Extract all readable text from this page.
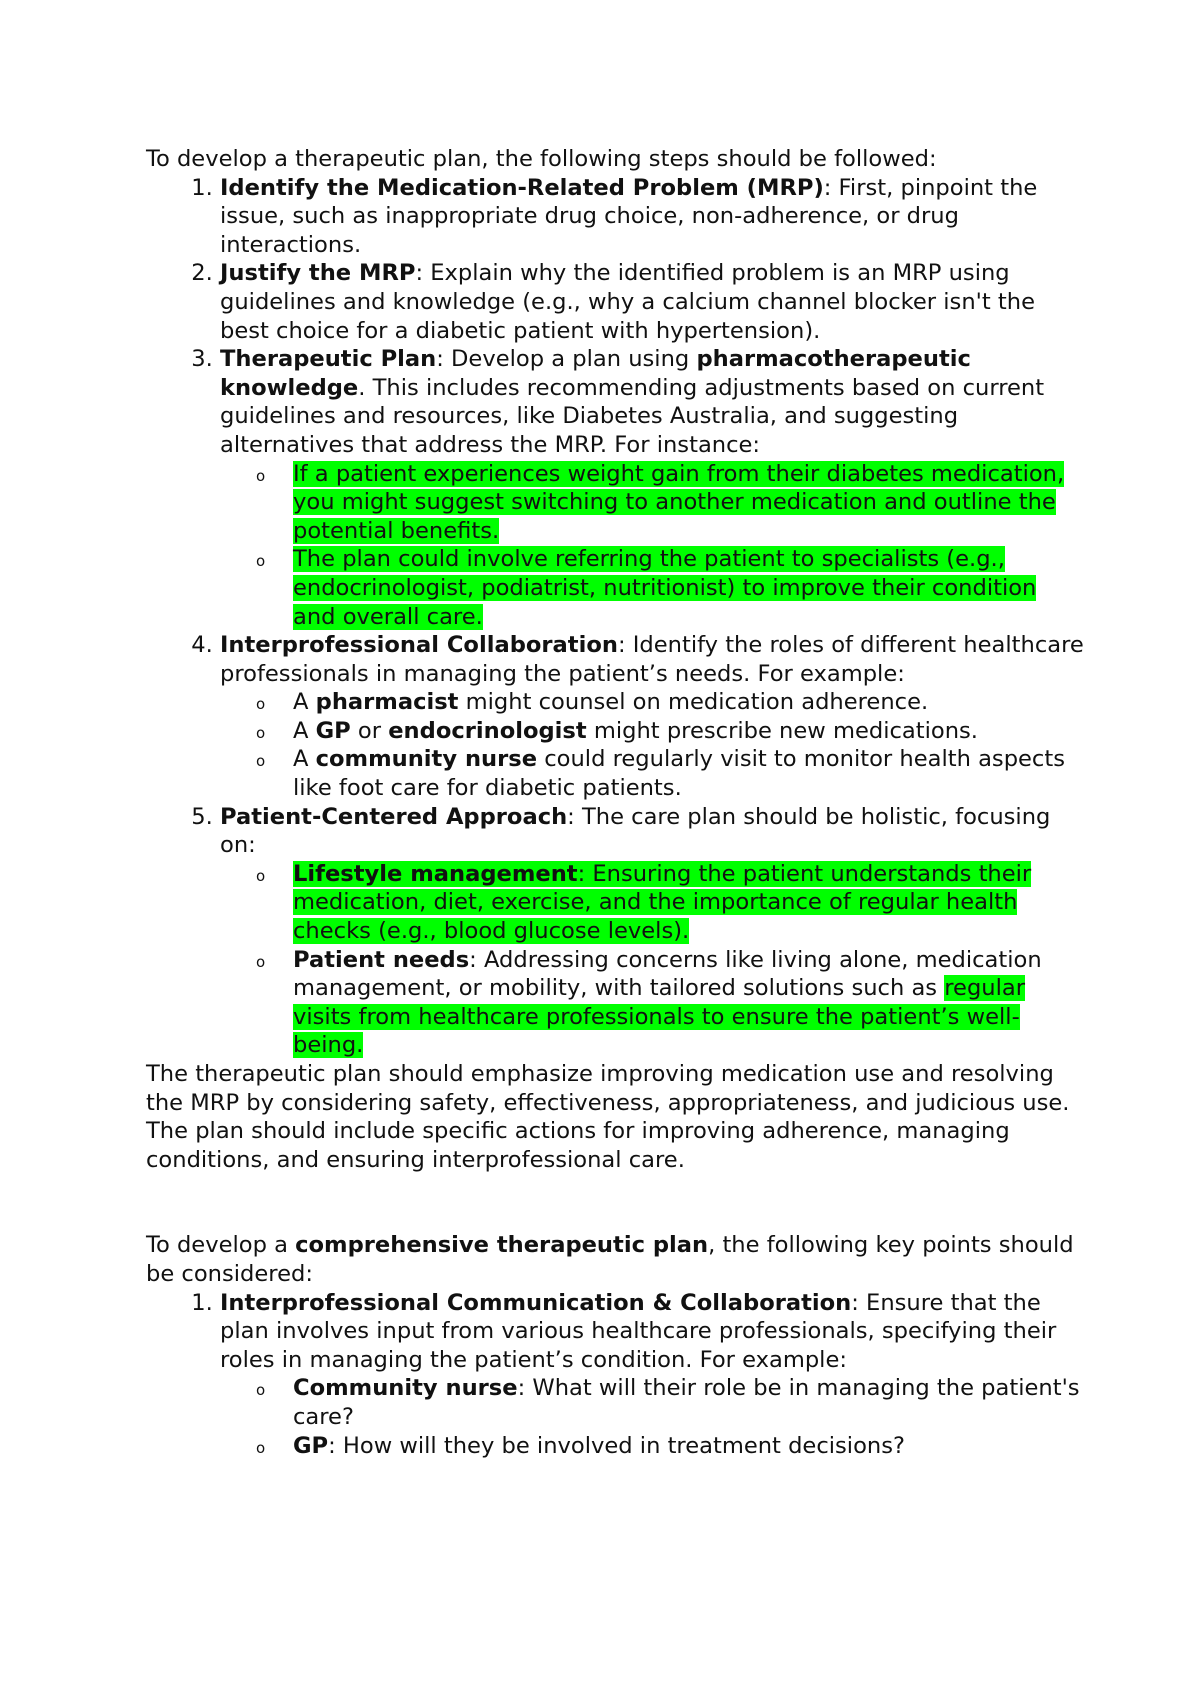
To develop a therapeutic plan, the following steps should be followed:

1. Identify the Medication-Related Problem (MRP): First, pinpoint the issue, such as inappropriate drug choice, non-adherence, or drug interactions.
2. Justify the MRP: Explain why the identified problem is an MRP using guidelines and knowledge (e.g., why a calcium channel blocker isn't the best choice for a diabetic patient with hypertension).
3. Therapeutic Plan: Develop a plan using pharmacotherapeutic knowledge. This includes recommending adjustments based on current guidelines and resources, like Diabetes Australia, and suggesting alternatives that address the MRP. For instance:
o If a patient experiences weight gain from their diabetes medication, you might suggest switching to another medication and outline the potential benefits.
o The plan could involve referring the patient to specialists (e.g., endocrinologist, podiatrist, nutritionist) to improve their condition and overall care.
4. Interprofessional Collaboration: Identify the roles of different healthcare professionals in managing the patient’s needs. For example:
o A pharmacist might counsel on medication adherence.
o A GP or endocrinologist might prescribe new medications.
o A community nurse could regularly visit to monitor health aspects like foot care for diabetic patients.
5. Patient-Centered Approach: The care plan should be holistic, focusing on:
o Lifestyle management: Ensuring the patient understands their medication, diet, exercise, and the importance of regular health checks (e.g., blood glucose levels).
o Patient needs: Addressing concerns like living alone, medication management, or mobility, with tailored solutions such as regular visits from healthcare professionals to ensure the patient’s well-being.

The therapeutic plan should emphasize improving medication use and resolving the MRP by considering safety, effectiveness, appropriateness, and judicious use. The plan should include specific actions for improving adherence, managing conditions, and ensuring interprofessional care.

To develop a comprehensive therapeutic plan, the following key points should be considered:

1. Interprofessional Communication & Collaboration: Ensure that the plan involves input from various healthcare professionals, specifying their roles in managing the patient’s condition. For example:
o Community nurse: What will their role be in managing the patient's care?
o GP: How will they be involved in treatment decisions?
